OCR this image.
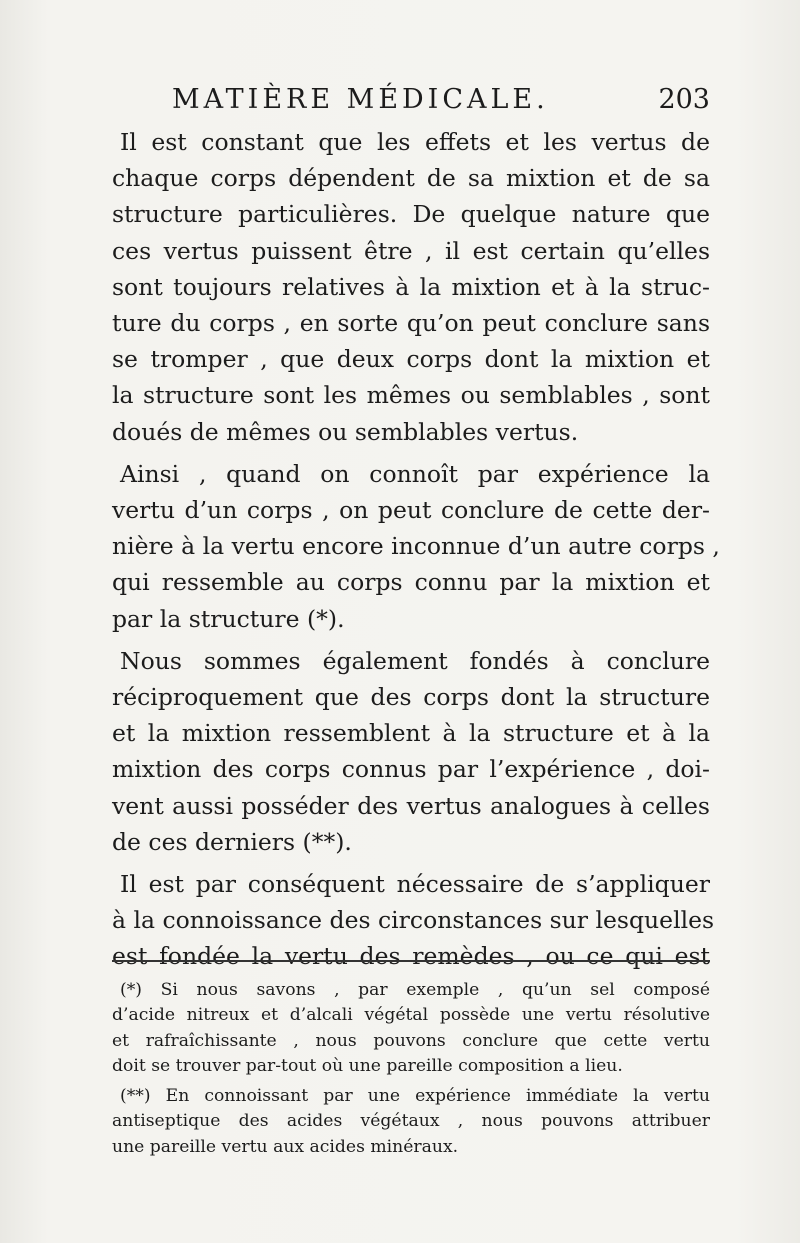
MATIÈRE MÉDICALE.	203

Il est constant que les effets et les vertus de
chaque corps dépendent de sa mixtion et de sa
structure particulières. De quelque nature que
ces vertus puissent être , il est certain qu’elles
sont toujours relatives à la mixtion et à la struc-
ture du corps , en sorte qu’on peut conclure sans
se tromper , que deux corps dont la mixtion et
la structure sont les mêmes ou semblables , sont
doués de mêmes ou semblables vertus.

Ainsi , quand on connoît par expérience la
vertu d’un corps , on peut conclure de cette der-
nière à la vertu encore inconnue d’un autre corps ,
qui ressemble au corps connu par la mixtion et
par la structure (*).

Nous sommes également fondés à conclure
réciproquement que des corps dont la structure
et la mixtion ressemblent à la structure et à la
mixtion des corps connus par l’expérience , doi-
vent aussi posséder des vertus analogues à celles
de ces derniers (**).

Il est par conséquent nécessaire de s’appliquer
à la connoissance des circonstances sur lesquelles
est fondée la vertu des remèdes , ou ce qui est

(*) Si nous savons , par exemple , qu’un sel composé
d’acide nitreux et d’alcali végétal possède une vertu résolutive
et rafraîchissante , nous pouvons conclure que cette vertu
doit se trouver par-tout où une pareille composition a lieu.

(**) En connoissant par une expérience immédiate la vertu
antiseptique des acides végétaux , nous pouvons attribuer
une pareille vertu aux acides minéraux.
